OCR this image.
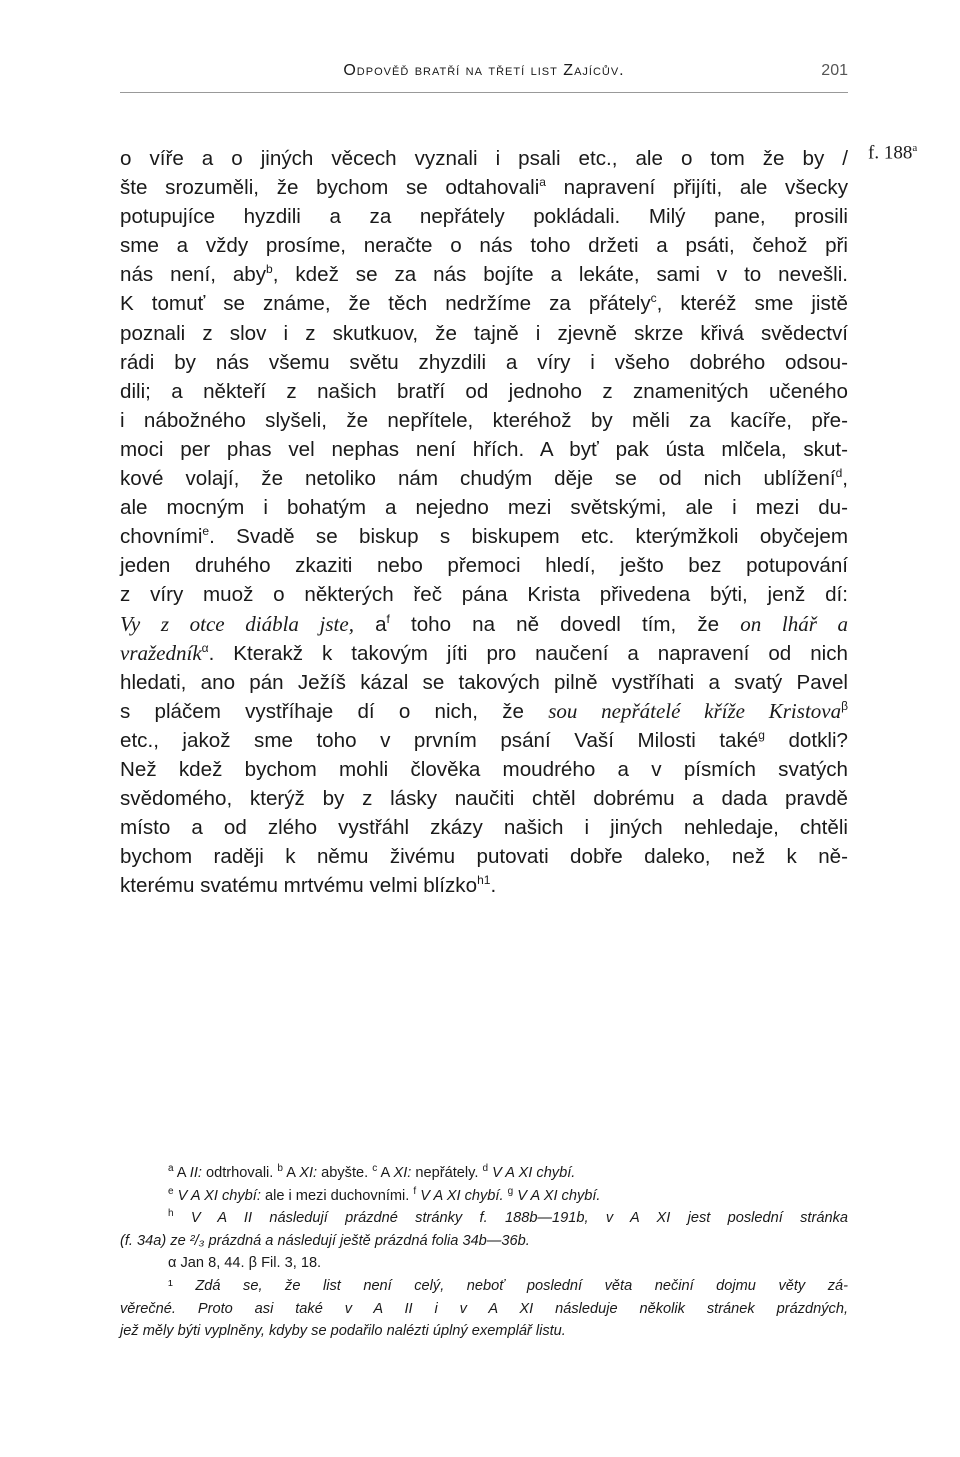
Odpověď bratří na třetí list Zajícův.	201
f. 188$^a$
o víře a o jiných věcech vyznali i psali etc., ale o tom že by /
šte srozuměli, že bychom se odtahovali$^a$ napravení přijíti, ale všecky
potupujíce hyzdili a za nepřátely pokládali. Milý pane, prosili
sme a vždy prosíme, neračte o nás toho držeti a psáti, čehož při
nás není, aby$^b$, kdež se za nás bojíte a lekáte, sami v to nevešli.
K tomuť se známe, že těch nedržíme za přátely$^c$, kteréž sme jistě
poznali z slov i z skutkuov, že tajně i zjevně skrze křivá svědectví
rádi by nás všemu světu zhyzdili a víry i všeho dobrého odsou-
dili; a někteří z našich bratří od jednoho z znamenitých učeného
i nábožného slyšeli, že nepřítele, kteréhož by měli za kacíře, pře-
moci per phas vel nephas není hřích. A byť pak ústa mlčela, skut-
kové volají, že netoliko nám chudým děje se od nich ublížení$^d$,
ale mocným i bohatým a nejedno mezi světskými, ale i mezi du-
chovními$^e$. Svadě se biskup s biskupem etc. kterýmžkoli obyčejem
jeden druhého zkaziti nebo přemoci hledí, ješto bez potupování
z víry muož o některých řeč pána Krista přivedena býti, jenž dí:
Vy z otce diábla jste, $a^f$ toho na ně dovedl tím, že on lhář a
vražedník$^\alpha$. Kterakž k takovým jíti pro naučení a napravení od nich
hledati, ano pán Ježíš kázal se takových pilně vystříhati a svatý Pavel
s pláčem vystříhaje dí o nich, že sou nepřátelé kříže Kristova$^\beta$
etc., jakož sme toho v prvním psání Vaší Milosti také$^g$ dotkli?
Než kdež bychom mohli člověka moudrého a v písmích svatých
svědomého, kterýž by z lásky naučiti chtěl dobrému a dada pravdě
místo a od zlého vystřáhl zkázy našich i jiných nehledaje, chtěli
bychom raději k němu živému putovati dobře daleko, než k ně-
kterému svatému mrtvému velmi blízko$^{h1}$.
$^a$ A II: odtrhovali. $^b$ A XI: abyšte. $^c$ A XI: nepřátely. $^d$ V A XI chybí.
$^e$ V A XI chybí: ale i mezi duchovními. $^f$ V A XI chybí. $^g$ V A XI chybí.
$^h$ V A II následují prázdné stránky f. 188b—191b, v A XI jest poslední stránka
(f. 34a) ze ²/₃ prázdná a následují ještě prázdná folia 34b—36b.
α Jan 8, 44. β Fil. 3, 18.
¹ Zdá se, že list není celý, neboť poslední věta nečiní dojmu věty zá-
věrečné. Proto asi také v A II i v A XI následuje několik stránek prázdných,
jež měly býti vyplněny, kdyby se podařilo nalézti úplný exemplář listu.
